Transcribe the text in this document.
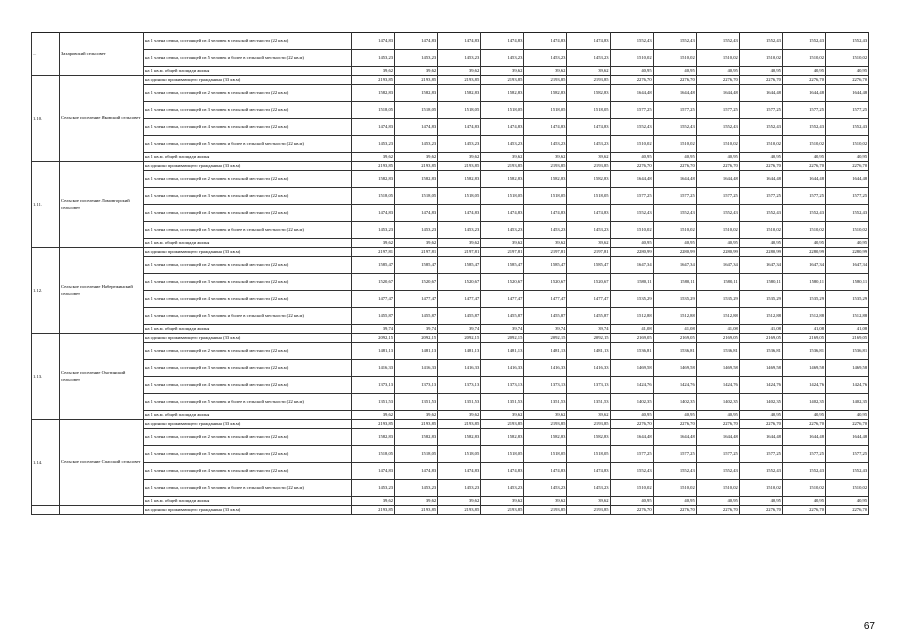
...	Захаровский сельсовет	на 1 члена семьи, состоящей из 4 человек в сельской местности (22 кв.м)	1474,83	1474,83	1474,83	1474,83	1474,83	1474,83	1552,43	1552,43	1552,43	1552,43	1552,43	1552,43
		на 1 члена семьи, состоящей из 5 человек и более в сельской местности (22 кв.м)	1453,23	1453,23	1453,23	1453,23	1453,23	1453,23	1510,02	1510,02	1510,02	1510,02	1510,02	1510,02
		на 1 кв.м. общей площади жилья	39,62	39,62	39,62	39,62	39,62	39,62	40,95	40,95	40,95	40,95	40,95	40,95
1.10.	Сельское поселение Яковский сельсовет	на одиноко проживающего гражданина (33 кв.м)	2193,85	2193,85	2193,85	2193,85	2193,85	2193,85	2276,70	2276,70	2276,70	2276,70	2276,70	2276,70
		на 1 члена семьи, состоящей из 2 человек в сельской местности (22 кв.м)	1582,83	1582,83	1582,83	1582,83	1582,83	1582,83	1644,48	1644,48	1644,48	1644,48	1644,48	1644,48
		на 1 члена семьи, состоящей из 3 человек в сельской местности (22 кв.м)	1518,05	1518,05	1518,05	1518,05	1518,05	1518,05	1577,25	1577,25	1577,25	1577,25	1577,25	1577,25
		на 1 члена семьи, состоящей из 4 человек в сельской местности (22 кв.м)	1474,83	1474,83	1474,83	1474,83	1474,83	1474,83	1552,43	1552,43	1552,43	1552,43	1552,43	1552,43
		на 1 члена семьи, состоящей из 5 человек и более в сельской местности (22 кв.м)	1453,23	1453,23	1453,23	1453,23	1453,23	1453,23	1510,02	1510,02	1510,02	1510,02	1510,02	1510,02
		на 1 кв.м. общей площади жилья	39,62	39,62	39,62	39,62	39,62	39,62	40,95	40,95	40,95	40,95	40,95	40,95
1.11.	Сельское поселение Ломовгорский сельсовет	на одиноко проживающего гражданина (33 кв.м)	2193,85	2193,85	2193,85	2193,85	2193,85	2193,85	2276,70	2276,70	2276,70	2276,70	2276,70	2276,70
		на 1 члена семьи, состоящей из 2 человек в сельской местности (22 кв.м)	1582,83	1582,83	1582,83	1582,83	1582,83	1582,83	1644,48	1644,48	1644,48	1644,48	1644,48	1644,48
		на 1 члена семьи, состоящей из 3 человек в сельской местности (22 кв.м)	1518,05	1518,05	1518,05	1518,05	1518,05	1518,05	1577,25	1577,25	1577,25	1577,25	1577,25	1577,25
		на 1 члена семьи, состоящей из 4 человек в сельской местности (22 кв.м)	1474,83	1474,83	1474,83	1474,83	1474,83	1474,83	1552,43	1552,43	1552,43	1552,43	1552,43	1552,43
		на 1 члена семьи, состоящей из 5 человек и более в сельской местности (22 кв.м)	1453,23	1453,23	1453,23	1453,23	1453,23	1453,23	1510,02	1510,02	1510,02	1510,02	1510,02	1510,02
		на 1 кв.м. общей площади жилья	39,62	39,62	39,62	39,62	39,62	39,62	40,95	40,95	40,95	40,95	40,95	40,95
1.12.	Сельское поселение Набережинский сельсовет	на одиноко проживающего гражданина (33 кв.м)	2197,81	2197,81	2197,81	2197,81	2197,81	2197,81	2280,99	2280,99	2280,99	2280,99	2280,99	2280,99
		на 1 члена семьи, состоящей из 2 человек в сельской местности (22 кв.м)	1585,47	1585,47	1585,47	1585,47	1585,47	1585,47	1647,34	1647,34	1647,34	1647,34	1647,34	1647,34
		на 1 члена семьи, состоящей из 3 человек в сельской местности (22 кв.м)	1520,67	1520,67	1520,67	1520,67	1520,67	1520,67	1580,11	1580,11	1580,11	1580,11	1580,11	1580,11
		на 1 члена семьи, состоящей из 4 человек в сельской местности (22 кв.м)	1477,47	1477,47	1477,47	1477,47	1477,47	1477,47	1535,29	1535,29	1535,29	1535,29	1535,29	1535,29
		на 1 члена семьи, состоящей из 5 человек и более в сельской местности (22 кв.м)	1455,87	1455,87	1455,87	1455,87	1455,87	1455,87	1512,88	1512,88	1512,88	1512,88	1512,88	1512,88
		на 1 кв.м. общей площади жилья	39,74	39,74	39,74	39,74	39,74	39,74	41,08	41,08	41,08	41,08	41,08	41,08
1.13.	Сельское поселение Охотинский сельсовет	на одиноко проживающего гражданина (33 кв.м)	2092,15	2092,15	2092,15	2092,15	2092,15	2092,15	2169,05	2169,05	2169,05	2169,05	2169,05	2169,05
		на 1 члена семьи, состоящей из 2 человек в сельской местности (22 кв.м)	1481,13	1481,13	1481,13	1481,13	1481,13	1481,13	1536,81	1536,81	1536,81	1536,81	1536,81	1536,81
		на 1 члена семьи, состоящей из 3 человек в сельской местности (22 кв.м)	1416,33	1416,33	1416,33	1416,33	1416,33	1416,33	1469,58	1469,58	1469,58	1469,58	1469,58	1469,58
		на 1 члена семьи, состоящей из 4 человек в сельской местности (22 кв.м)	1373,13	1373,13	1373,13	1373,13	1373,13	1373,13	1424,76	1424,76	1424,76	1424,76	1424,76	1424,76
		на 1 члена семьи, состоящей из 5 человек и более в сельской местности (22 кв.м)	1351,53	1351,53	1351,53	1351,53	1351,53	1351,53	1402,35	1402,35	1402,35	1402,35	1402,35	1402,35
		на 1 кв.м. общей площади жилья	39,62	39,62	39,62	39,62	39,62	39,62	40,95	40,95	40,95	40,95	40,95	40,95
1.14.	Сельское поселение Спасский сельсовет	на одиноко проживающего гражданина (33 кв.м)	2193,85	2193,85	2193,85	2193,85	2193,85	2193,85	2276,70	2276,70	2276,70	2276,70	2276,70	2276,70
		на 1 члена семьи, состоящей из 2 человек в сельской местности (22 кв.м)	1582,83	1582,83	1582,83	1582,83	1582,83	1582,83	1644,48	1644,48	1644,48	1644,48	1644,48	1644,48
		на 1 члена семьи, состоящей из 3 человек в сельской местности (22 кв.м)	1518,05	1518,05	1518,05	1518,05	1518,05	1518,05	1577,25	1577,25	1577,25	1577,25	1577,25	1577,25
		на 1 члена семьи, состоящей из 4 человек в сельской местности (22 кв.м)	1474,83	1474,83	1474,83	1474,83	1474,83	1474,83	1552,43	1552,43	1552,43	1552,43	1552,43	1552,43
		на 1 члена семьи, состоящей из 5 человек и более в сельской местности (22 кв.м)	1453,23	1453,23	1453,23	1453,23	1453,23	1453,23	1510,02	1510,02	1510,02	1510,02	1510,02	1510,02
		на 1 кв.м. общей площади жилья	39,62	39,62	39,62	39,62	39,62	39,62	40,95	40,95	40,95	40,95	40,95	40,95
		на одиноко проживающего гражданина (33 кв.м)	2193,85	2193,85	2193,85	2193,85	2193,85	2193,85	2276,70	2276,70	2276,70	2276,70	2276,70	2276,70
67
